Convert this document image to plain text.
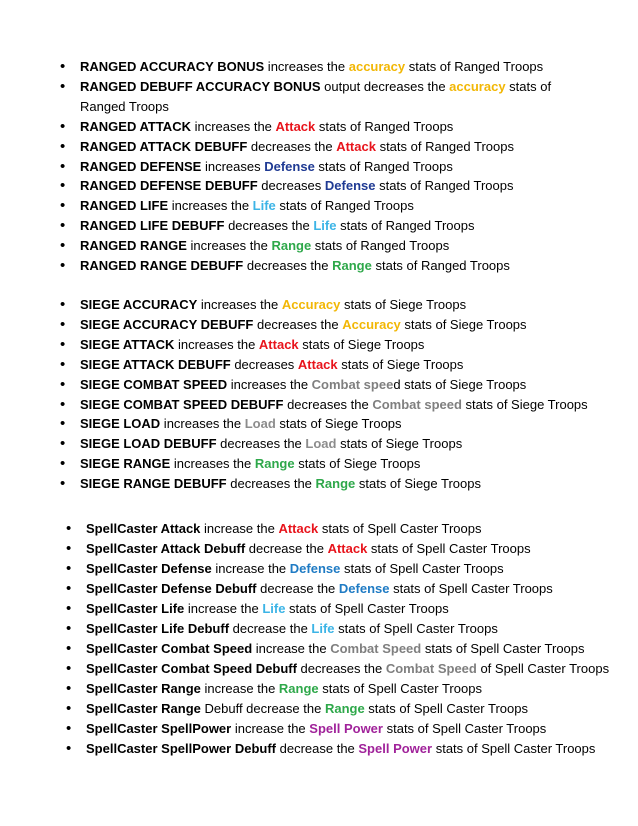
• RANGED ACCURACY BONUS increases the accuracy stats of Ranged Troops
• RANGED DEBUFF ACCURACY BONUS output decreases the accuracy stats of Ranged Troops
• RANGED ATTACK increases the Attack stats of Ranged Troops
• RANGED ATTACK DEBUFF decreases the Attack stats of Ranged Troops
• RANGED DEFENSE increases Defense stats of Ranged Troops
• RANGED DEFENSE DEBUFF decreases Defense stats of Ranged Troops
• RANGED LIFE increases the Life stats of Ranged Troops
• RANGED LIFE DEBUFF decreases the Life stats of Ranged Troops
• RANGED RANGE increases the Range stats of Ranged Troops
• RANGED RANGE DEBUFF decreases the Range stats of Ranged Troops
• SIEGE ACCURACY increases the Accuracy stats of Siege Troops
• SIEGE ACCURACY DEBUFF decreases the Accuracy stats of Siege Troops
• SIEGE ATTACK increases the Attack stats of Siege Troops
• SIEGE ATTACK DEBUFF decreases Attack stats of Siege Troops
• SIEGE COMBAT SPEED increases the Combat speed stats of Siege Troops
• SIEGE COMBAT SPEED DEBUFF decreases the Combat speed stats of Siege Troops
• SIEGE LOAD increases the Load stats of Siege Troops
• SIEGE LOAD DEBUFF decreases the Load stats of Siege Troops
• SIEGE RANGE increases the Range stats of Siege Troops
• SIEGE RANGE DEBUFF decreases the Range stats of Siege Troops
• SpellCaster Attack increase the Attack stats of Spell Caster Troops
• SpellCaster Attack Debuff decrease the Attack stats of Spell Caster Troops
• SpellCaster Defense increase the Defense stats of Spell Caster Troops
• SpellCaster Defense Debuff decrease the Defense stats of Spell Caster Troops
• SpellCaster Life increase the Life stats of Spell Caster Troops
• SpellCaster Life Debuff decrease the Life stats of Spell Caster Troops
• SpellCaster Combat Speed increase the Combat Speed stats of Spell Caster Troops
• SpellCaster Combat Speed Debuff decreases the Combat Speed of Spell Caster Troops
• SpellCaster Range increase the Range stats of Spell Caster Troops
• SpellCaster Range Debuff decrease the Range stats of Spell Caster Troops
• SpellCaster SpellPower increase the Spell Power stats of Spell Caster Troops
• SpellCaster SpellPower Debuff decrease the Spell Power stats of Spell Caster Troops
